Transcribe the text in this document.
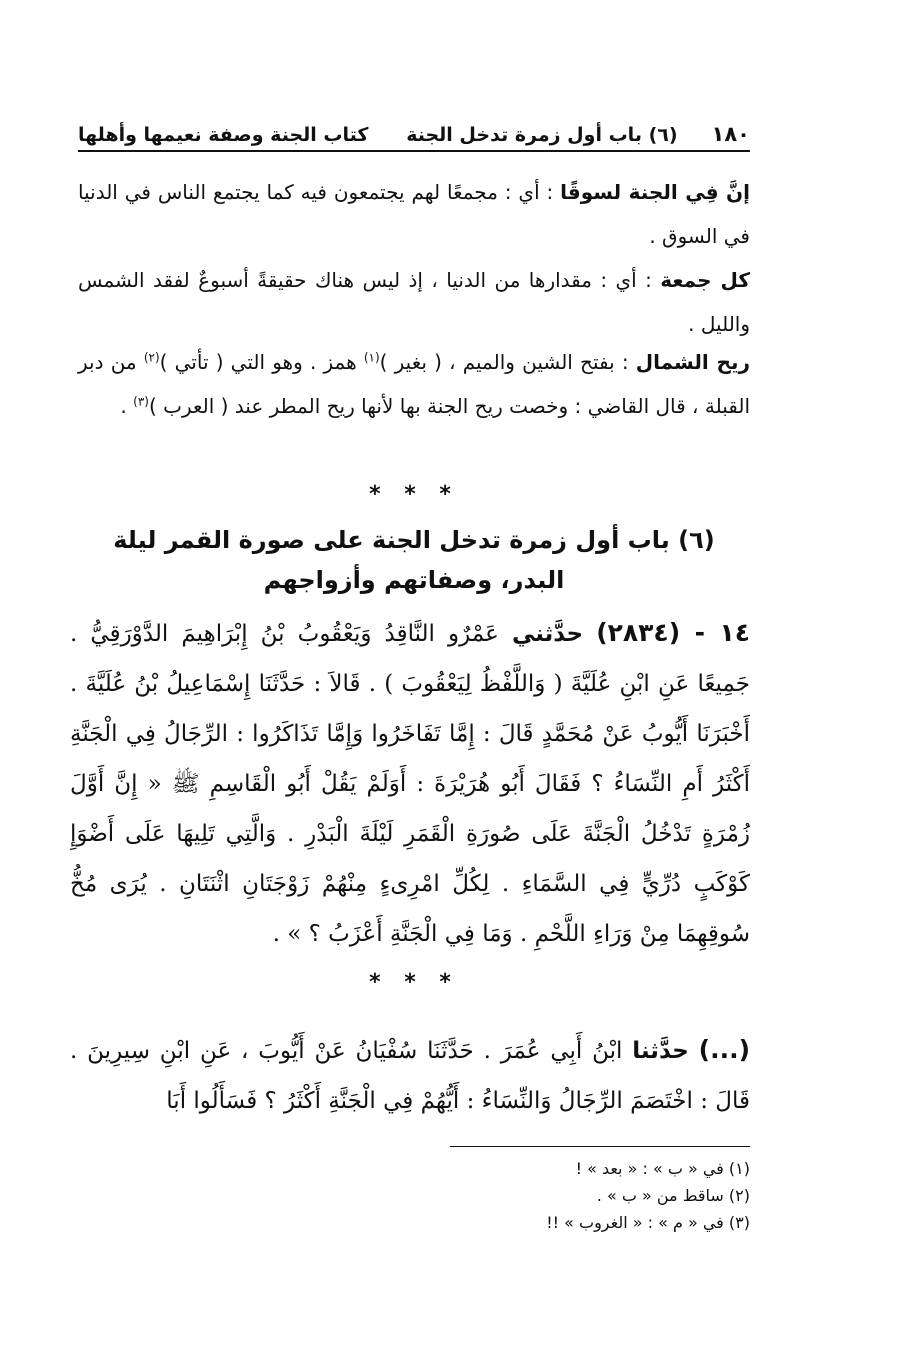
١٨٠
(٦) باب أول زمرة تدخل الجنة
كتاب الجنة وصفة نعيمها وأهلها
إنَّ فِي الجنة لسوقًا : أي : مجمعًا لهم يجتمعون فيه كما يجتمع الناس في الدنيا في السوق .
كل جمعة : أي : مقدارها من الدنيا ، إذ ليس هناك حقيقةً أسبوعٌ لفقد الشمس والليل .
ريح الشمال : بفتح الشين والميم ، ( بغير )$^{(١)}$ همز . وهو التي ( تأتي )$^{(٢)}$ من دبر القبلة ، قال القاضي : وخصت ريح الجنة بها لأنها ريح المطر عند ( العرب )$^{(٣)}$ .
* * *
(٦) باب أول زمرة تدخل الجنة على صورة القمر ليلة البدر، وصفاتهم وأزواجهم
١٤ - (٢٨٣٤) حدَّثني عَمْرٌو النَّاقِدُ وَيَعْقُوبُ بْنُ إِبْرَاهِيمَ الدَّوْرَقِيُّ . جَمِيعًا عَنِ ابْنِ عُلَيَّةَ ( وَاللَّفْظُ لِيَعْقُوبَ ) . قَالاَ : حَدَّثَنَا إِسْمَاعِيلُ بْنُ عُلَيَّةَ . أَخْبَرَنَا أَيُّوبُ عَنْ مُحَمَّدٍ قَالَ : إِمَّا تَفَاخَرُوا وَإِمَّا تَذَاكَرُوا : الرِّجَالُ فِي الْجَنَّةِ أَكْثَرُ أَمِ النِّسَاءُ ؟ فَقَالَ أَبُو هُرَيْرَةَ : أَوَلَمْ يَقُلْ أَبُو الْقَاسِمِ ﷺ « إِنَّ أَوَّلَ زُمْرَةٍ تَدْخُلُ الْجَنَّةَ عَلَى صُورَةِ الْقَمَرِ لَيْلَةَ الْبَدْرِ . وَالَّتِي تَلِيهَا عَلَى أَضْوَإِ كَوْكَبٍ دُرِّيٍّ فِي السَّمَاءِ . لِكُلِّ امْرِىءٍ مِنْهُمْ زَوْجَتَانِ اثْنَتَانِ . يُرَى مُخُّ سُوقِهِمَا مِنْ وَرَاءِ اللَّحْمِ . وَمَا فِي الْجَنَّةِ أَعْزَبُ ؟ » .
* * *
(...) حدَّثنا ابْنُ أَبِي عُمَرَ . حَدَّثَنَا سُفْيَانُ عَنْ أَيُّوبَ ، عَنِ ابْنِ سِيرِينَ . قَالَ : اخْتَصَمَ الرِّجَالُ وَالنِّسَاءُ : أَيُّهُمْ فِي الْجَنَّةِ أَكْثَرُ ؟ فَسَأَلُوا أَبَا
(١) في « ب » : « بعد » !
(٢) ساقط من « ب » .
(٣) في « م » : « الغروب » !!
